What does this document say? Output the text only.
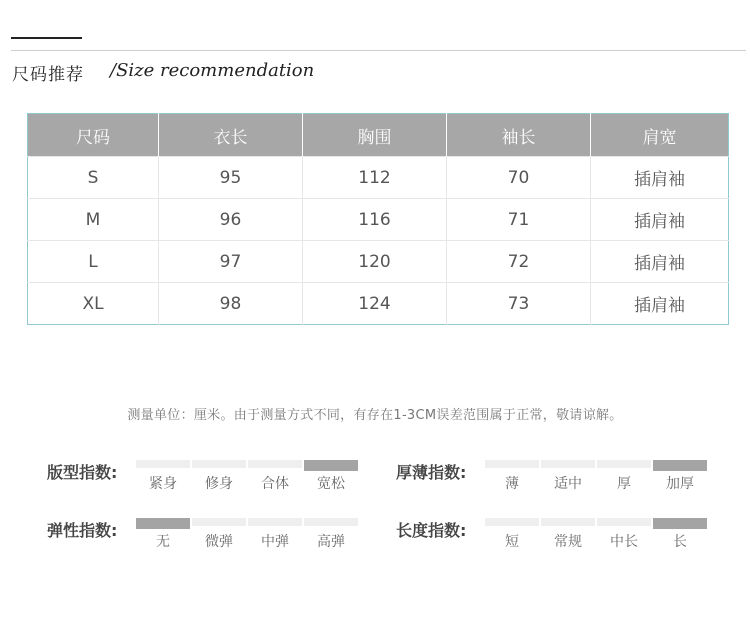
尺码推荐 /Size recommendation
尺码	衣长	胸围	袖长	肩宽
S	95	112	70	插肩袖
M	96	116	71	插肩袖
L	97	120	72	插肩袖
XL	98	124	73	插肩袖
测量单位：厘米。由于测量方式不同，有存在1-3CM误差范围属于正常，敬请谅解。
版型指数:
紧身 修身 合体 宽松
厚薄指数:
薄	适中	厚	加厚
弹性指数:
无	微弹 中弹 高弹
长度指数:
短	常规 中长	长
